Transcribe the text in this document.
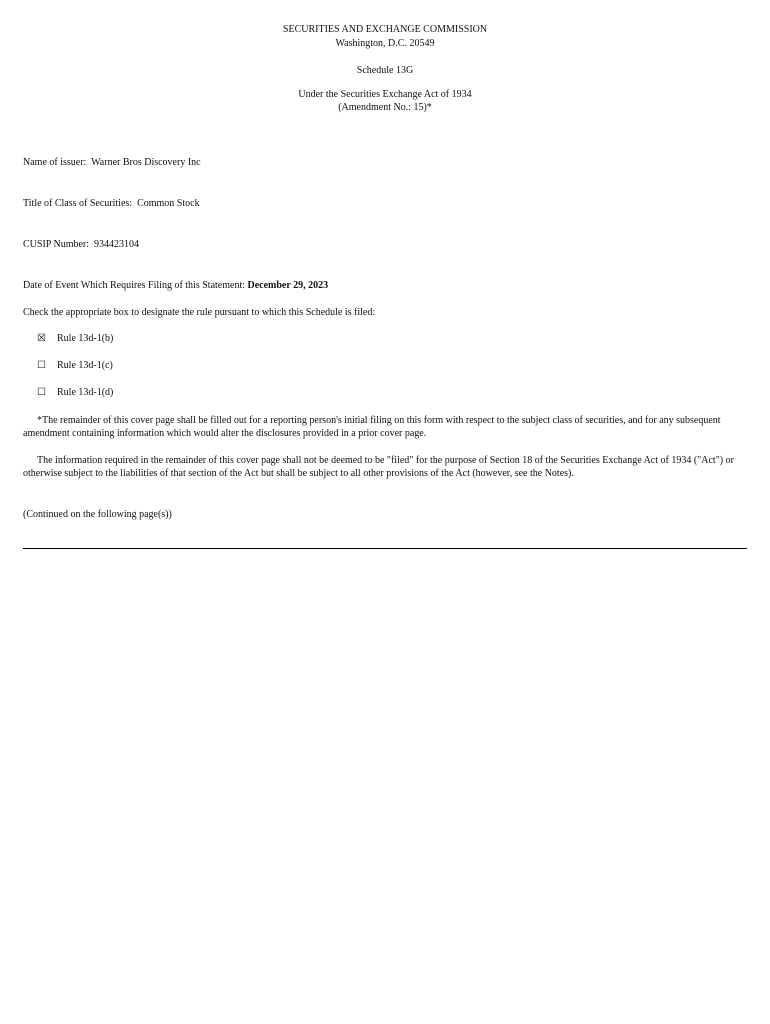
SECURITIES AND EXCHANGE COMMISSION
Washington, D.C. 20549
Schedule 13G
Under the Securities Exchange Act of 1934
(Amendment No.: 15)*
Name of issuer: Warner Bros Discovery Inc
Title of Class of Securities: Common Stock
CUSIP Number: 934423104
Date of Event Which Requires Filing of this Statement: December 29, 2023
Check the appropriate box to designate the rule pursuant to which this Schedule is filed:
☒ Rule 13d-1(b)
☐ Rule 13d-1(c)
☐ Rule 13d-1(d)
*The remainder of this cover page shall be filled out for a reporting person's initial filing on this form with respect to the subject class of securities, and for any subsequent amendment containing information which would alter the disclosures provided in a prior cover page.
The information required in the remainder of this cover page shall not be deemed to be "filed" for the purpose of Section 18 of the Securities Exchange Act of 1934 ("Act") or otherwise subject to the liabilities of that section of the Act but shall be subject to all other provisions of the Act (however, see the Notes).
(Continued on the following page(s))
